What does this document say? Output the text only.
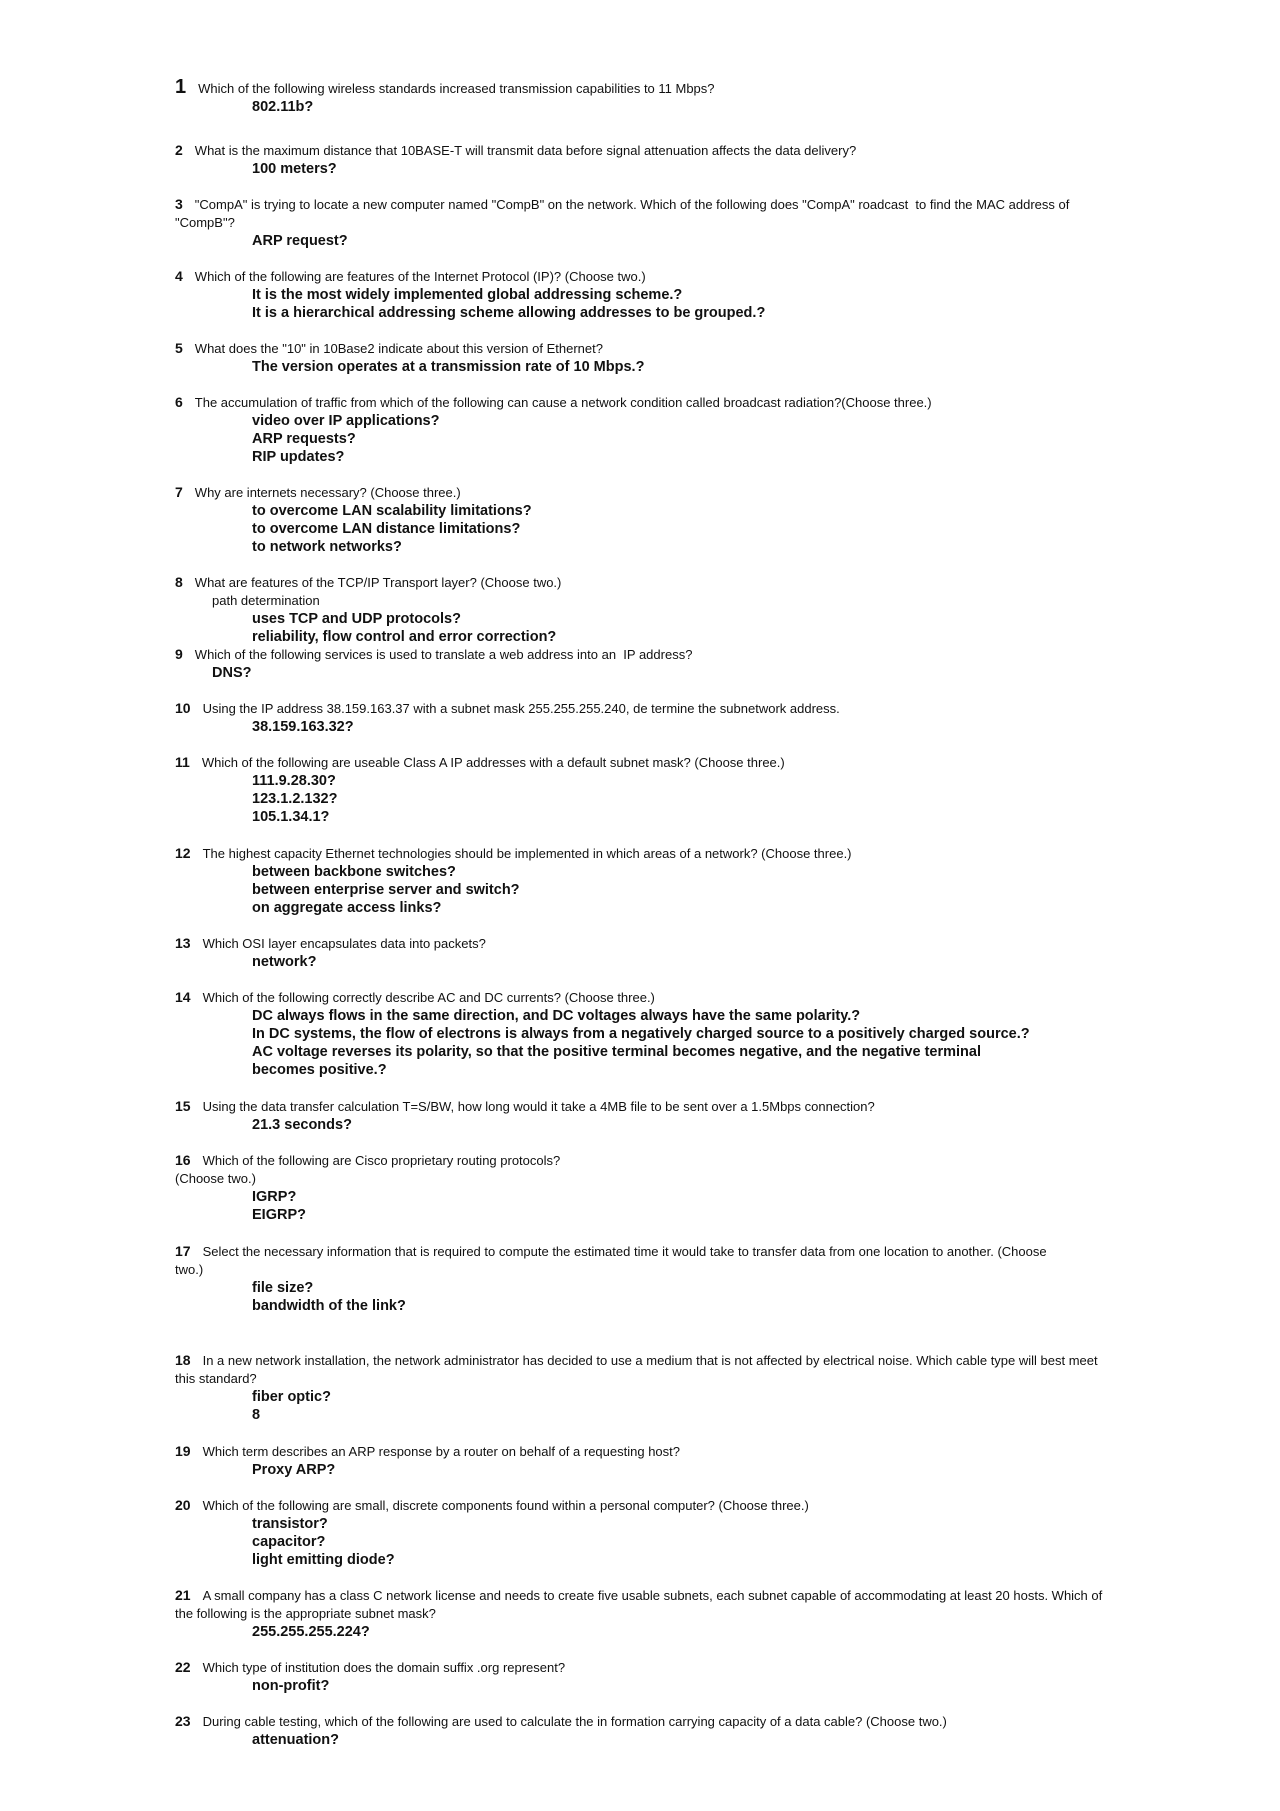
1 Which of the following wireless standards increased transmission capabilities to 11 Mbps?
802.11b?
2 What is the maximum distance that 10BASE-T will transmit data before signal attenuation affects the data delivery?
100 meters?
3 "CompA" is trying to locate a new computer named "CompB" on the network. Which of the following does "CompA" roadcast  to find the MAC address of "CompB"?
ARP request?
4 Which of the following are features of the Internet Protocol (IP)? (Choose two.)
It is the most widely implemented global addressing scheme.?
It is a hierarchical addressing scheme allowing addresses to be grouped.?
5 What does the "10" in 10Base2 indicate about this version of Ethernet?
The version operates at a transmission rate of 10 Mbps.?
6 The accumulation of traffic from which of the following can cause a network condition called broadcast radiation?(Choose three.)
video over IP applications?
ARP requests?
RIP updates?
7 Why are internets necessary? (Choose three.)
to overcome LAN scalability limitations?
to overcome LAN distance limitations?
to network networks?
8 What are features of the TCP/IP Transport layer? (Choose two.)
path determination
uses TCP and UDP protocols?
reliability, flow control and error correction?
9 Which of the following services is used to translate a web address into an  IP address?
DNS?
10 Using the IP address 38.159.163.37 with a subnet mask 255.255.255.240, de termine the subnetwork address.
38.159.163.32?
11 Which of the following are useable Class A IP addresses with a default subnet mask? (Choose three.)
111.9.28.30?
123.1.2.132?
105.1.34.1?
12 The highest capacity Ethernet technologies should be implemented in which areas of a network? (Choose three.)
between backbone switches?
between enterprise server and switch?
on aggregate access links?
13 Which OSI layer encapsulates data into packets?
network?
14 Which of the following correctly describe AC and DC currents? (Choose three.)
DC always flows in the same direction, and DC voltages always have the same polarity.?
In DC systems, the flow of electrons is always from a negatively charged source to a positively charged source.?
AC voltage reverses its polarity, so that the positive terminal becomes negative, and the negative terminal
becomes positive.?
15 Using the data transfer calculation T=S/BW, how long would it take a 4MB file to be sent over a 1.5Mbps connection?
21.3 seconds?
16 Which of the following are Cisco proprietary routing protocols?
(Choose two.)
IGRP?
EIGRP?
17 Select the necessary information that is required to compute the estimated time it would take to transfer data from one location to another. (Choose
two.)
file size?
bandwidth of the link?
18 In a new network installation, the network administrator has decided to use a medium that is not affected by electrical noise. Which cable type will best meet this standard?
fiber optic?
8
19 Which term describes an ARP response by a router on behalf of a requesting host?
Proxy ARP?
20 Which of the following are small, discrete components found within a personal computer? (Choose three.)
transistor?
capacitor?
light emitting diode?
21 A small company has a class C network license and needs to create five usable subnets, each subnet capable of accommodating at least 20 hosts. Which of the following is the appropriate subnet mask?
255.255.255.224?
22 Which type of institution does the domain suffix .org represent?
non-profit?
23 During cable testing, which of the following are used to calculate the in formation carrying capacity of a data cable? (Choose two.)
attenuation?
